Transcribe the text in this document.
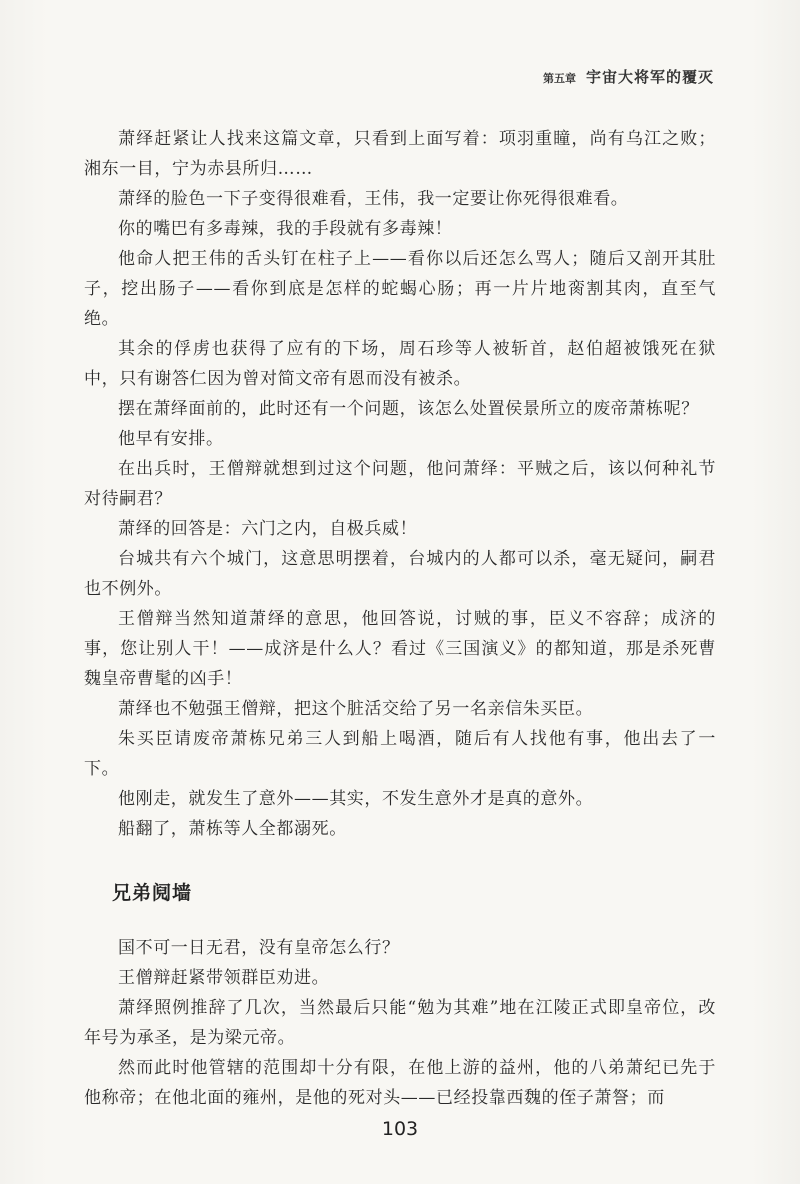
第五章 宇宙大将军的覆灭

萧绎赶紧让人找来这篇文章，只看到上面写着：项羽重瞳，尚有乌江之败；湘东一目，宁为赤县所归……

萧绎的脸色一下子变得很难看，王伟，我一定要让你死得很难看。

你的嘴巴有多毒辣，我的手段就有多毒辣！

他命人把王伟的舌头钉在柱子上——看你以后还怎么骂人；随后又剖开其肚子，挖出肠子——看你到底是怎样的蛇蝎心肠；再一片片地脔割其肉，直至气绝。

其余的俘虏也获得了应有的下场，周石珍等人被斩首，赵伯超被饿死在狱中，只有谢答仁因为曾对简文帝有恩而没有被杀。

摆在萧绎面前的，此时还有一个问题，该怎么处置侯景所立的废帝萧栋呢？

他早有安排。

在出兵时，王僧辩就想到过这个问题，他问萧绎：平贼之后，该以何种礼节对待嗣君？

萧绎的回答是：六门之内，自极兵威！

台城共有六个城门，这意思明摆着，台城内的人都可以杀，毫无疑问，嗣君也不例外。

王僧辩当然知道萧绎的意思，他回答说，讨贼的事，臣义不容辞；成济的事，您让别人干！——成济是什么人？看过《三国演义》的都知道，那是杀死曹魏皇帝曹髦的凶手！

萧绎也不勉强王僧辩，把这个脏活交给了另一名亲信朱买臣。

朱买臣请废帝萧栋兄弟三人到船上喝酒，随后有人找他有事，他出去了一下。

他刚走，就发生了意外——其实，不发生意外才是真的意外。

船翻了，萧栋等人全都溺死。

兄弟阋墙

国不可一日无君，没有皇帝怎么行？

王僧辩赶紧带领群臣劝进。

萧绎照例推辞了几次，当然最后只能“勉为其难”地在江陵正式即皇帝位，改年号为承圣，是为梁元帝。

然而此时他管辖的范围却十分有限，在他上游的益州，他的八弟萧纪已先于他称帝；在他北面的雍州，是他的死对头——已经投靠西魏的侄子萧詧；而

103
